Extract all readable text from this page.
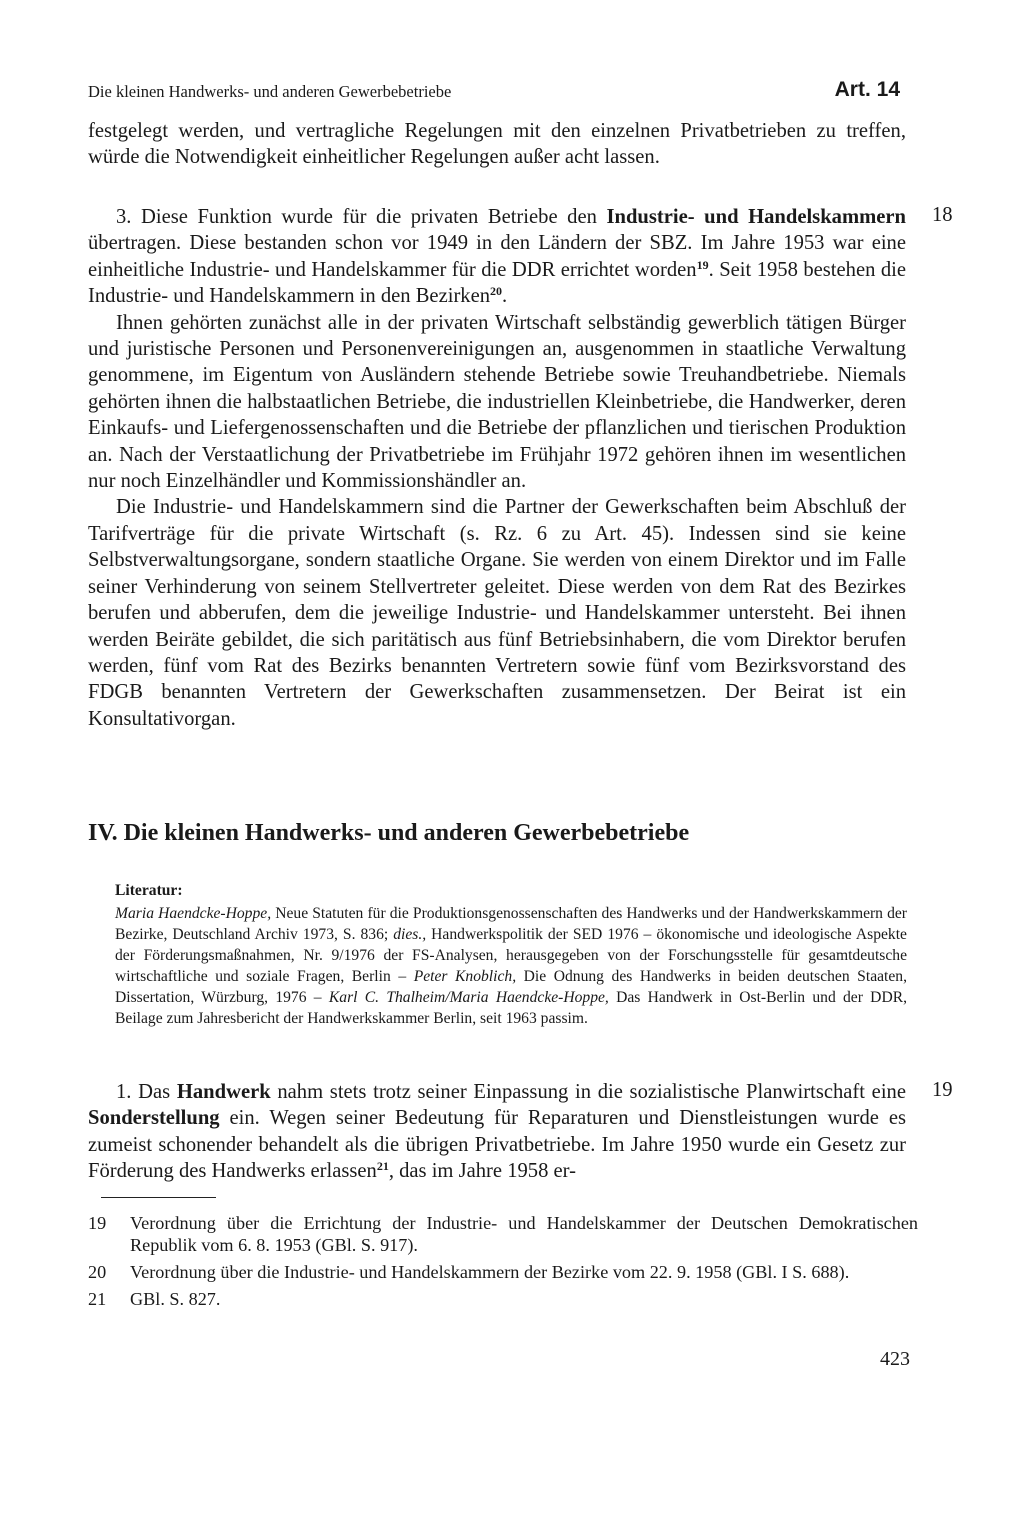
Die kleinen Handwerks- und anderen Gewerbebetriebe	Art. 14

festgelegt werden, und vertragliche Regelungen mit den einzelnen Privatbetrieben zu treffen, würde die Notwendigkeit einheitlicher Regelungen außer acht lassen.

18

3. Diese Funktion wurde für die privaten Betriebe den Industrie- und Handelskammern übertragen. Diese bestanden schon vor 1949 in den Ländern der SBZ. Im Jahre 1953 war eine einheitliche Industrie- und Handelskammer für die DDR errichtet worden$^{19}$. Seit 1958 bestehen die Industrie- und Handelskammern in den Bezirken$^{20}$.

Ihnen gehörten zunächst alle in der privaten Wirtschaft selbständig gewerblich tätigen Bürger und juristische Personen und Personenvereinigungen an, ausgenommen in staatliche Verwaltung genommene, im Eigentum von Ausländern stehende Betriebe sowie Treuhandbetriebe. Niemals gehörten ihnen die halbstaatlichen Betriebe, die industriellen Kleinbetriebe, die Handwerker, deren Einkaufs- und Liefergenossenschaften und die Betriebe der pflanzlichen und tierischen Produktion an. Nach der Verstaatlichung der Privatbetriebe im Frühjahr 1972 gehören ihnen im wesentlichen nur noch Einzelhändler und Kommissionshändler an.

Die Industrie- und Handelskammern sind die Partner der Gewerkschaften beim Abschluß der Tarifverträge für die private Wirtschaft (s. Rz. 6 zu Art. 45). Indessen sind sie keine Selbstverwaltungsorgane, sondern staatliche Organe. Sie werden von einem Direktor und im Falle seiner Verhinderung von seinem Stellvertreter geleitet. Diese werden von dem Rat des Bezirkes berufen und abberufen, dem die jeweilige Industrie- und Handelskammer untersteht. Bei ihnen werden Beiräte gebildet, die sich paritätisch aus fünf Betriebsinhabern, die vom Direktor berufen werden, fünf vom Rat des Bezirks benannten Vertretern sowie fünf vom Bezirksvorstand des FDGB benannten Vertretern der Gewerkschaften zusammensetzen. Der Beirat ist ein Konsultativorgan.

IV. Die kleinen Handwerks- und anderen Gewerbebetriebe
Literatur:
Maria Haendcke-Hoppe, Neue Statuten für die Produktionsgenossenschaften des Handwerks und der Handwerkskammern der Bezirke, Deutschland Archiv 1973, S. 836; dies., Handwerkspolitik der SED 1976 – ökonomische und ideologische Aspekte der Förderungsmaßnahmen, Nr. 9/1976 der FS-Analysen, herausgegeben von der Forschungsstelle für gesamtdeutsche wirtschaftliche und soziale Fragen, Berlin – Peter Knoblich, Die Odnung des Handwerks in beiden deutschen Staaten, Dissertation, Würzburg, 1976 – Karl C. Thalheim/Maria Haendcke-Hoppe, Das Handwerk in Ost-Berlin und der DDR, Beilage zum Jahresbericht der Handwerkskammer Berlin, seit 1963 passim.
19

1. Das Handwerk nahm stets trotz seiner Einpassung in die sozialistische Planwirtschaft eine Sonderstellung ein. Wegen seiner Bedeutung für Reparaturen und Dienstleistungen wurde es zumeist schonender behandelt als die übrigen Privatbetriebe. Im Jahre 1950 wurde ein Gesetz zur Förderung des Handwerks erlassen$^{21}$, das im Jahre 1958 er-

19 Verordnung über die Errichtung der Industrie- und Handelskammer der Deutschen Demokratischen Republik vom 6. 8. 1953 (GBl. S. 917).
20 Verordnung über die Industrie- und Handelskammern der Bezirke vom 22. 9. 1958 (GBl. I S. 688).
21 GBl. S. 827.
423
